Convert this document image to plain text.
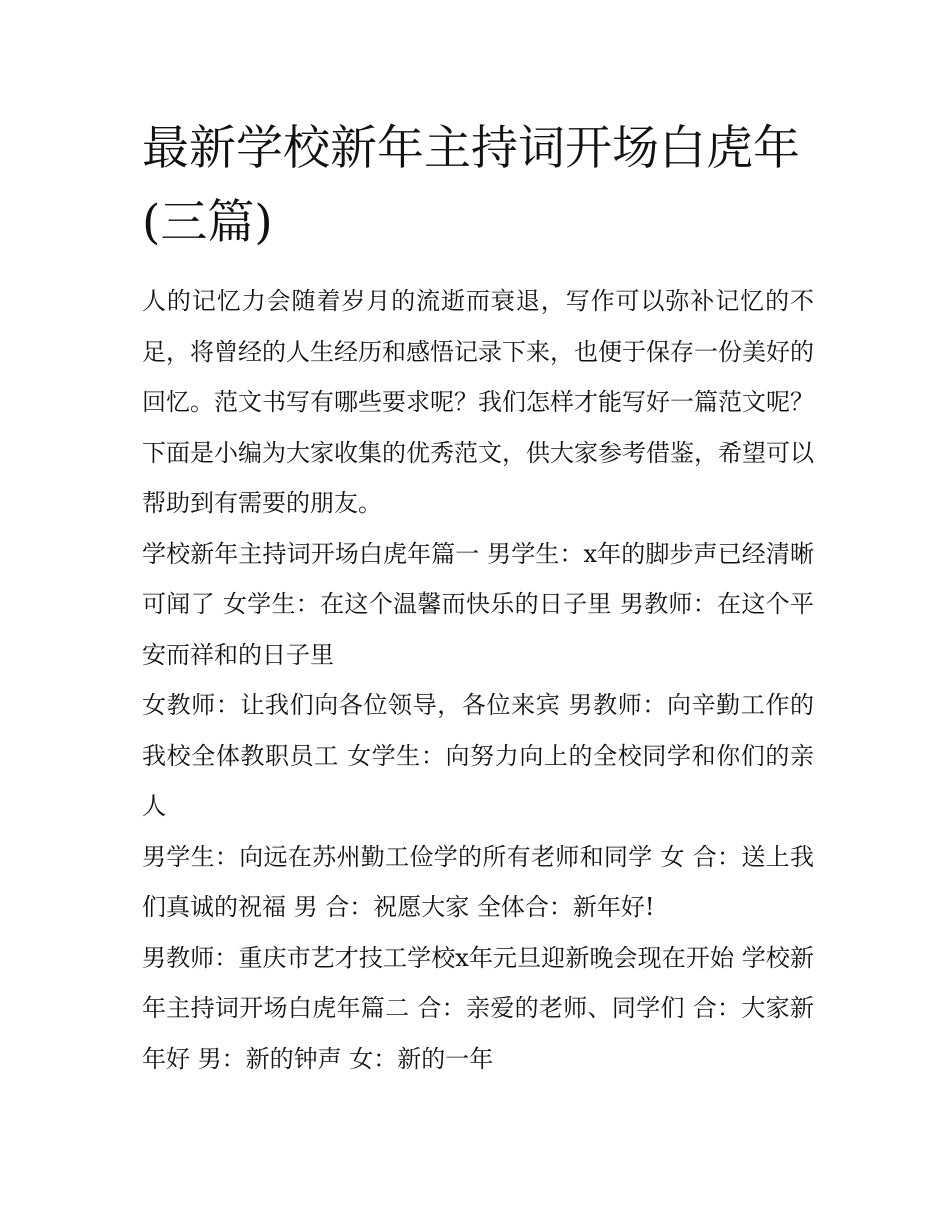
最新学校新年主持词开场白虎年(三篇)

人的记忆力会随着岁月的流逝而衰退，写作可以弥补记忆的不足，将曾经的人生经历和感悟记录下来，也便于保存一份美好的回忆。范文书写有哪些要求呢？我们怎样才能写好一篇范文呢？下面是小编为大家收集的优秀范文，供大家参考借鉴，希望可以帮助到有需要的朋友。

学校新年主持词开场白虎年篇一 男学生：x年的脚步声已经清晰可闻了 女学生：在这个温馨而快乐的日子里 男教师：在这个平安而祥和的日子里

女教师：让我们向各位领导，各位来宾 男教师：向辛勤工作的我校全体教职员工 女学生：向努力向上的全校同学和你们的亲人

男学生：向远在苏州勤工俭学的所有老师和同学 女 合：送上我们真诚的祝福 男 合：祝愿大家 全体合：新年好!

男教师：重庆市艺才技工学校x年元旦迎新晚会现在开始 学校新年主持词开场白虎年篇二 合：亲爱的老师、同学们 合：大家新年好 男：新的钟声 女：新的一年
